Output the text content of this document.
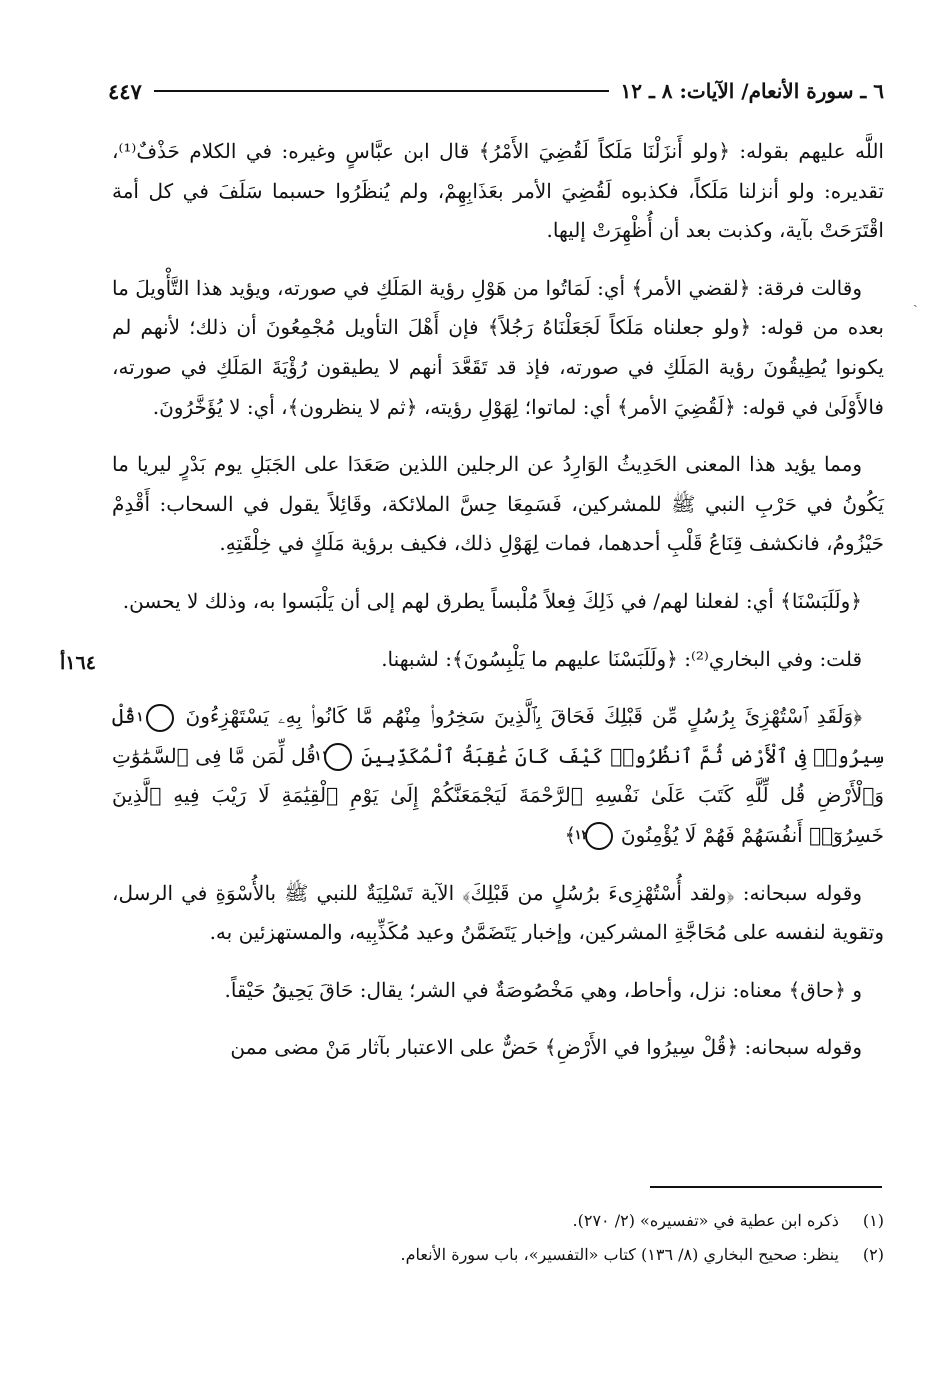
٦ ـ سورة الأنعام/ الآيات: ٨ ـ ١٢
٤٤٧
ˎ

اللَّه عليهم بقوله: ﴿ولو أَنزَلْنَا مَلَكاً لَقُضِيَ الأَمْرُ﴾ قال ابن عبَّاسٍ وغيره: في الكلام حَذْفٌ⁽¹⁾، تقديره: ولو أنزلنا مَلَكاً، فكذبوه لَقُضِيَ الأمر بعَذَابِهِمْ، ولم يُنظَرُوا حسبما سَلَفَ في كل أمة اقْتَرَحَتْ بآية، وكذبت بعد أن أُظْهِرَتْ إليها.

وقالت فرقة: ﴿لقضي الأمر﴾ أي: لَمَاتُوا من هَوْلِ رؤية المَلَكِ في صورته، ويؤيد هذا التَّأْويلَ ما بعده من قوله: ﴿ولو جعلناه مَلَكاً لَجَعَلْنَاهُ رَجُلاً﴾ فإن أَهْلَ التأويل مُجْمِعُونَ أن ذلك؛ لأنهم لم يكونوا يُطِيقُونَ رؤية المَلَكِ في صورته، فإذ قد تَقَعَّدَ أنهم لا يطيقون رُؤْيَةَ المَلَكِ في صورته، فالأَوْلَىٰ في قوله: ﴿لَقُضِيَ الأمر﴾ أي: لماتوا؛ لِهَوْلِ رؤيته، ﴿ثم لا ينظرون﴾، أي: لا يُؤَخَّرُونَ.

ومما يؤيد هذا المعنى الحَدِيثُ الوَارِدُ عن الرجلين اللذين صَعَدَا على الجَبَلِ يوم بَدْرٍ ليريا ما يَكُونُ في حَرْبِ النبي ﷺ للمشركين، فَسَمِعَا حِسَّ الملائكة، وقَائِلاً يقول في السحاب: أَقْدِمْ حَيْزُومُ، فانكشف قِنَاعُ قَلْبِ أحدهما، فمات لِهَوْلِ ذلك، فكيف برؤية مَلَكٍ في خِلْقَتِهِ.

﴿ولَلَبَسْنَا﴾ أي: لفعلنا لهم/ في ذَلِكَ فِعلاً مُلْبساً يطرق لهم إلى أن يَلْبَسوا به، وذلك لا يحسن.

قلت: وفي البخاري⁽²⁾: ﴿ولَلَبَسْنَا عليهم ما يَلْبِسُونَ﴾: لشبهنا.

﴿وَلَقَدِ ٱسْتُهْزِئَ بِرُسُلٍ مِّن قَبْلِكَ فَحَاقَ بِٱلَّذِينَ سَخِرُوا۟ مِنْهُم مَّا كَانُوا۟ بِهِۦ يَسْتَهْزِءُونَ ١٠ قُلْ سِيرُوا۟ فِى ٱلْأَرْضِ ثُمَّ ٱنظُرُوا۟ كَيْفَ كَانَ عَٰقِبَةُ ٱلْمُكَذِّبِينَ ١١ قُل لِّمَن مَّا فِى ٱلسَّمَٰوَٰتِ وَٱلْأَرْضِ قُل لِّلَّهِ كَتَبَ عَلَىٰ نَفْسِهِ ٱلرَّحْمَةَ لَيَجْمَعَنَّكُمْ إِلَىٰ يَوْمِ ٱلْقِيَٰمَةِ لَا رَيْبَ فِيهِ ٱلَّذِينَ خَسِرُوٓا۟ أَنفُسَهُمْ فَهُمْ لَا يُؤْمِنُونَ ١٢ ﴾

وقوله سبحانه: ﴿ولقد أُسْتُهْزِىءَ برُسُلٍ من قَبْلِكَ﴾ الآية تَسْلِيَةٌ للنبي ﷺ بالأُسْوَةِ في الرسل، وتقوية لنفسه على مُحَاجَّةِ المشركين، وإخبار يَتَضَمَّنُ وعيد مُكَذِّبِيه، والمستهزئين به.

و ﴿حاق﴾ معناه: نزل، وأحاط، وهي مَخْصُوصَةٌ في الشر؛ يقال: حَاقَ يَحِيقُ حَيْقاً.

وقوله سبحانه: ﴿قُلْ سِيرُوا في الأَرْضِ﴾ حَضٌّ على الاعتبار بآثار مَنْ مضى ممن

١٦٤أ
(١) ذكره ابن عطية في «تفسيره» (٢/ ٢٧٠).
(٢) ينظر: صحيح البخاري (٨/ ١٣٦) كتاب «التفسير»، باب سورة الأنعام.
